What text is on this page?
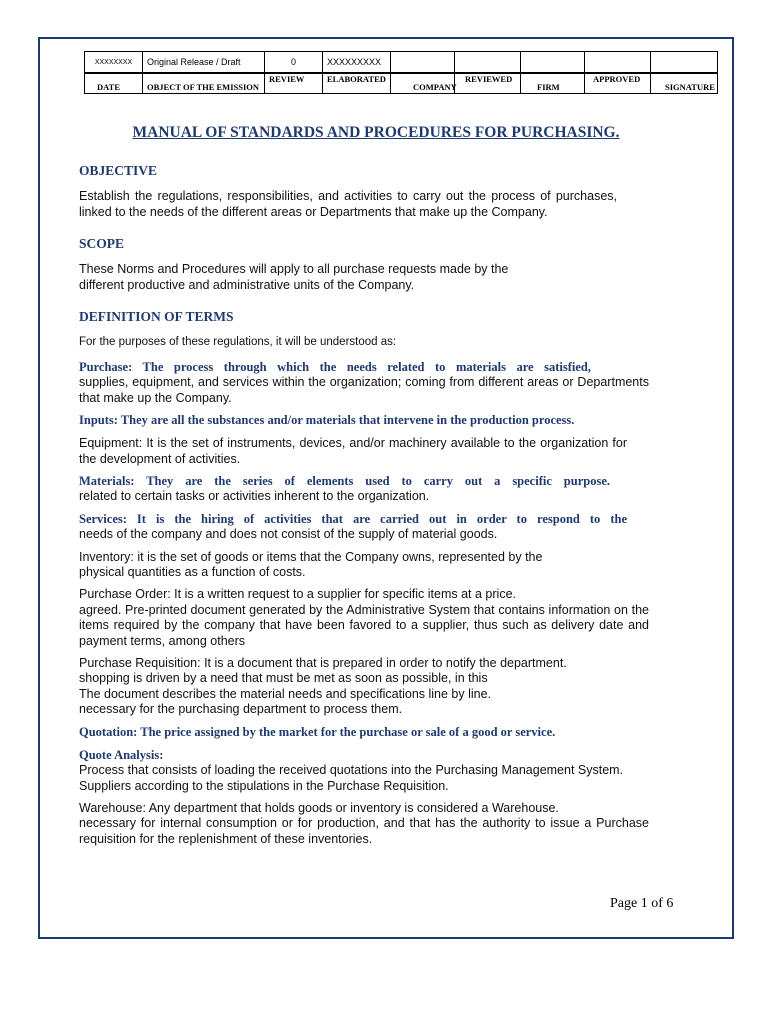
XXXXXXXX	Original Release / Draft	0	XXXXXXXXX					
DATE	OBJECT OF THE EMISSION	REVIEW	ELABORATED	COMPANY	REVIEWED	FIRM	APPROVED	SIGNATURE
MANUAL OF STANDARDS AND PROCEDURES FOR PURCHASING.
OBJECTIVE
Establish the regulations, responsibilities, and activities to carry out the process of purchases, linked to the needs of the different areas or Departments that make up the Company.
SCOPE
These Norms and Procedures will apply to all purchase requests made by the
different productive and administrative units of the Company.
DEFINITION OF TERMS
For the purposes of these regulations, it will be understood as:
Purchase: The process through which the needs related to materials are satisfied,
supplies, equipment, and services within the organization; coming from different areas or Departments that make up the Company.
Inputs: They are all the substances and/or materials that intervene in the production process.
Equipment: It is the set of instruments, devices, and/or machinery available to the organization for the development of activities.
Materials: They are the series of elements used to carry out a specific purpose.
related to certain tasks or activities inherent to the organization.
Services: It is the hiring of activities that are carried out in order to respond to the
needs of the company and does not consist of the supply of material goods.
Inventory: it is the set of goods or items that the Company owns, represented by the
physical quantities as a function of costs.
Purchase Order: It is a written request to a supplier for specific items at a price.
agreed. Pre-printed document generated by the Administrative System that contains information on the items required by the company that have been favored to a supplier, thus such as delivery date and payment terms, among others
Purchase Requisition: It is a document that is prepared in order to notify the department.
shopping is driven by a need that must be met as soon as possible, in this
The document describes the material needs and specifications line by line.
necessary for the purchasing department to process them.
Quotation: The price assigned by the market for the purchase or sale of a good or service.
Quote Analysis:
Process that consists of loading the received quotations into the Purchasing Management System.
Suppliers according to the stipulations in the Purchase Requisition.
Warehouse: Any department that holds goods or inventory is considered a Warehouse.
necessary for internal consumption or for production, and that has the authority to issue a Purchase requisition for the replenishment of these inventories.
Page 1 of 6
